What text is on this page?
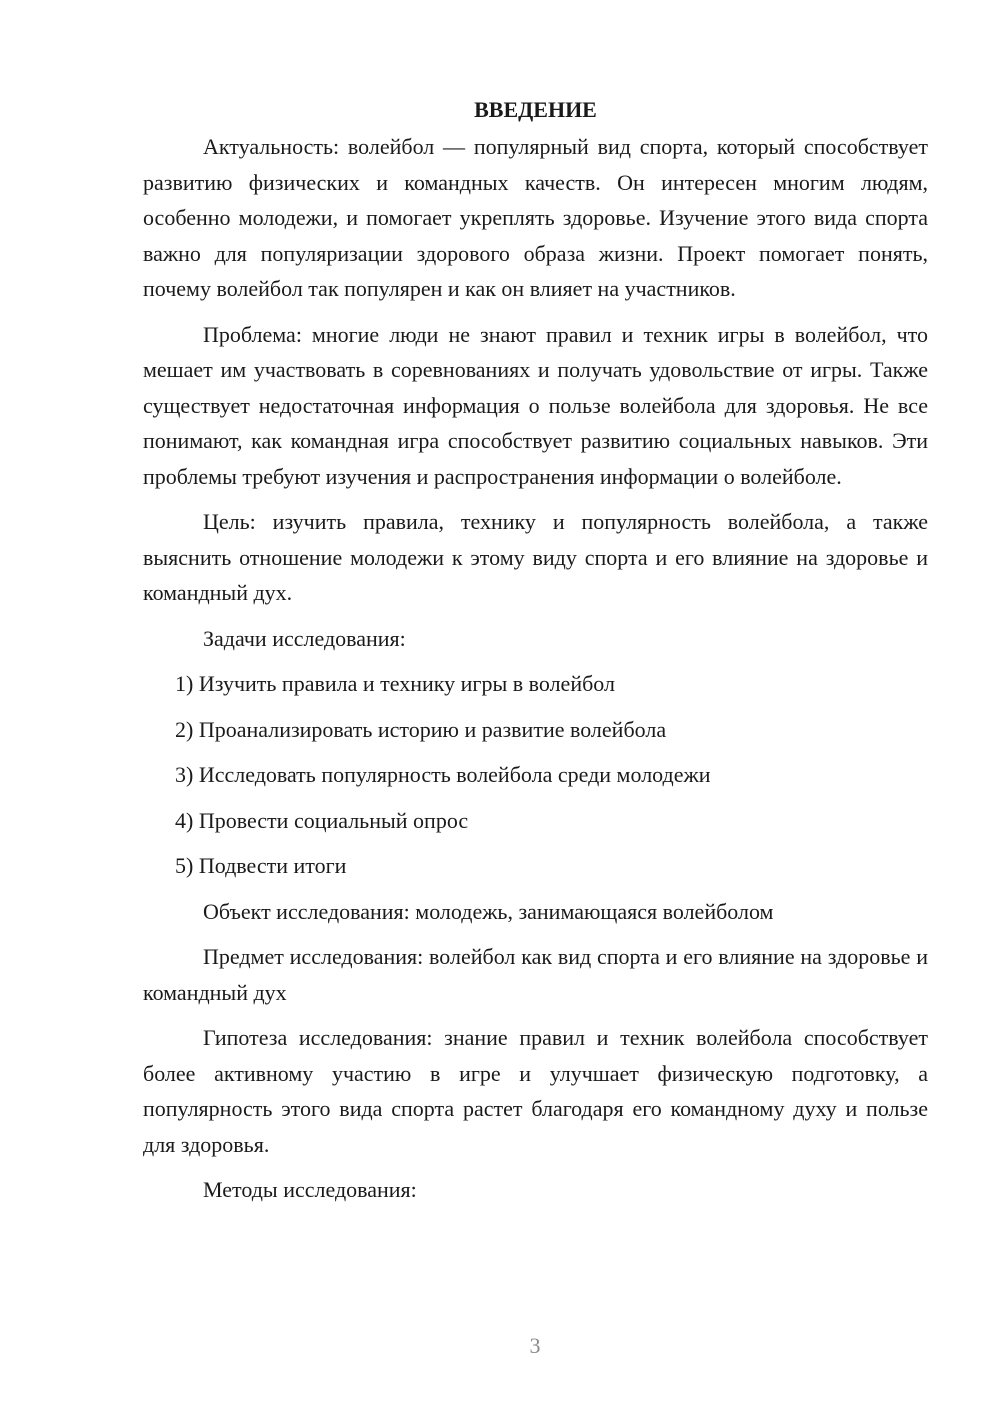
ВВЕДЕНИЕ

Актуальность: волейбол — популярный вид спорта, который способствует развитию физических и командных качеств. Он интересен многим людям, особенно молодежи, и помогает укреплять здоровье. Изучение этого вида спорта важно для популяризации здорового образа жизни. Проект помогает понять, почему волейбол так популярен и как он влияет на участников.

Проблема: многие люди не знают правил и техник игры в волейбол, что мешает им участвовать в соревнованиях и получать удовольствие от игры. Также существует недостаточная информация о пользе волейбола для здоровья. Не все понимают, как командная игра способствует развитию социальных навыков. Эти проблемы требуют изучения и распространения информации о волейболе.

Цель: изучить правила, технику и популярность волейбола, а также выяснить отношение молодежи к этому виду спорта и его влияние на здоровье и командный дух.

Задачи исследования:

1) Изучить правила и технику игры в волейбол

2) Проанализировать историю и развитие волейбола

3) Исследовать популярность волейбола среди молодежи

4) Провести социальный опрос

5) Подвести итоги

Объект исследования: молодежь, занимающаяся волейболом

Предмет исследования: волейбол как вид спорта и его влияние на здоровье и командный дух

Гипотеза исследования: знание правил и техник волейбола способствует более активному участию в игре и улучшает физическую подготовку, а популярность этого вида спорта растет благодаря его командному духу и пользе для здоровья.

Методы исследования:

3
